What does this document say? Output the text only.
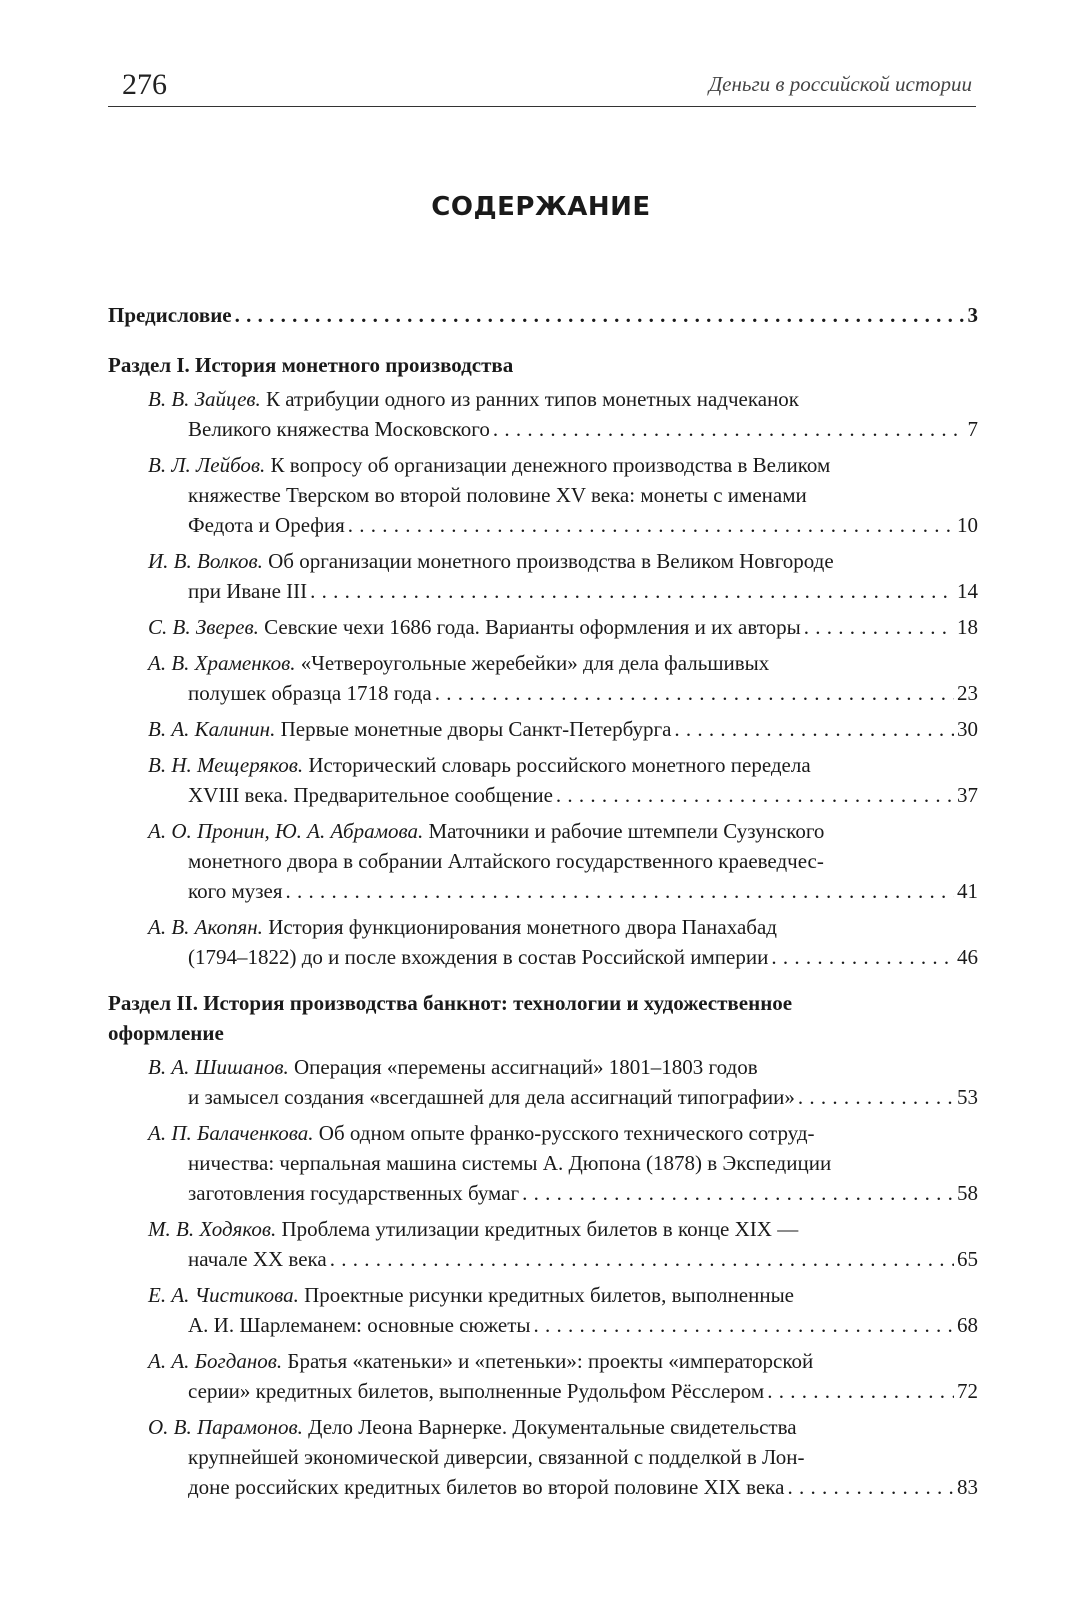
276	Деньги в российской истории
СОДЕРЖАНИЕ
Предисловие . . .	3
Раздел I. История монетного производства
В. В. Зайцев. К атрибуции одного из ранних типов монетных надчеканок
Великого княжества Московского . . .	7
В. Л. Лейбов. К вопросу об организации денежного производства в Великом
княжестве Тверском во второй половине XV века: монеты с именами
Федота и Орефия . . .	10
И. В. Волков. Об организации монетного производства в Великом Новгороде
при Иване III . . .	14
С. В. Зверев. Севские чехи 1686 года. Варианты оформления и их авторы . . .	18
А. В. Храменков. «Четвероугольные жеребейки» для дела фальшивых
полушек образца 1718 года . . .	23
В. А. Калинин. Первые монетные дворы Санкт-Петербурга . . .	30
В. Н. Мещеряков. Исторический словарь российского монетного передела
XVIII века. Предварительное сообщение . . .	37
А. О. Пронин, Ю. А. Абрамова. Маточники и рабочие штемпели Сузунского
монетного двора в собрании Алтайского государственного краеведчес-
кого музея . . .	41
А. В. Акопян. История функционирования монетного двора Панахабад
(1794–1822) до и после вхождения в состав Российской империи . . .	46
Раздел II. История производства банкнот: технологии и художественное
оформление
В. А. Шишанов. Операция «перемены ассигнаций» 1801–1803 годов
и замысел создания «всегдашней для дела ассигнаций типографии» . . .	53
А. П. Балаченкова. Об одном опыте франко-русского технического сотруд-
ничества: черпальная машина системы А. Дюпона (1878) в Экспедиции
заготовления государственных бумаг . . .	58
М. В. Ходяков. Проблема утилизации кредитных билетов в конце XIX —
начале XX века . . .	65
Е. А. Чистикова. Проектные рисунки кредитных билетов, выполненные
А. И. Шарлеманем: основные сюжеты . . .	68
А. А. Богданов. Братья «катеньки» и «петеньки»: проекты «императорской
серии» кредитных билетов, выполненные Рудольфом Рёсслером . . .	72
О. В. Парамонов. Дело Леона Варнерке. Документальные свидетельства
крупнейшей экономической диверсии, связанной с подделкой в Лон-
доне российских кредитных билетов во второй половине XIX века . . .	83
